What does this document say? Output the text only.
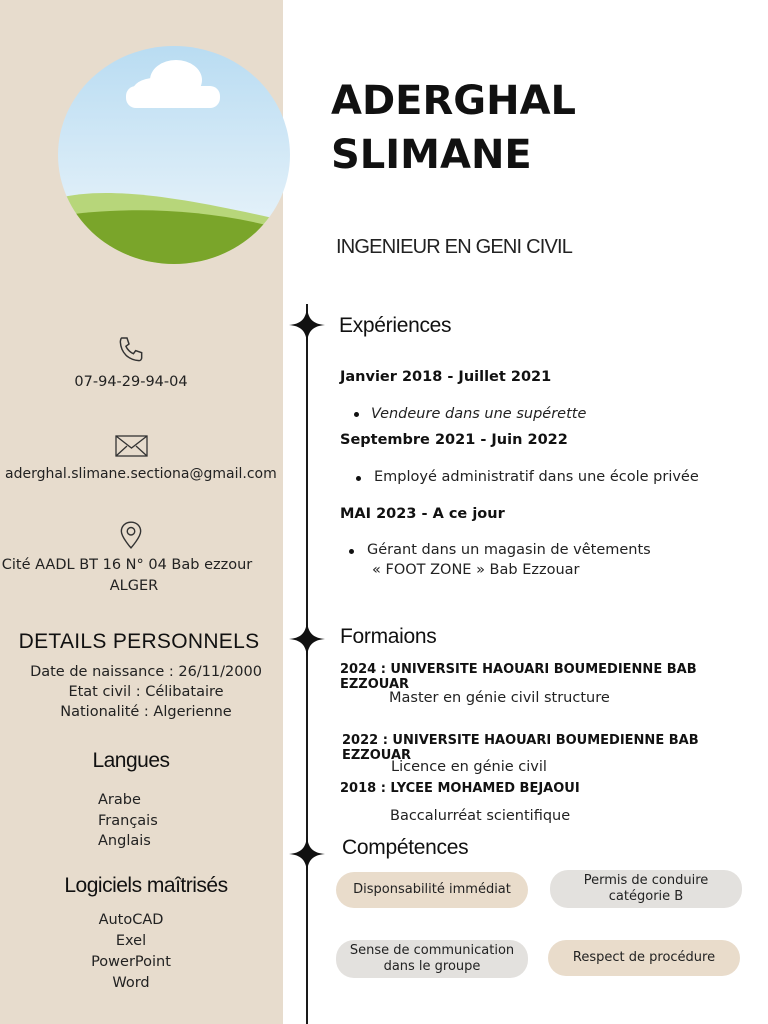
ADERGHAL
SLIMANE
INGENIEUR EN GENI CIVIL
07-94-29-94-04
aderghal.slimane.sectiona@gmail.com
Cité AADL BT 16 N° 04 Bab ezzour
ALGER
DETAILS PERSONNELS
Date de naissance : 26/11/2000
Etat civil : Célibataire
Nationalité : Algerienne
Langues
Arabe
Français
Anglais
Logiciels maîtrisés
AutoCAD
Exel
PowerPoint
Word
Expériences
Janvier 2018 - Juillet 2021
Vendeure dans une supérette
Septembre 2021 - Juin 2022
Employé administratif dans une école privée
MAI 2023 - A ce jour
Gérant dans un magasin de vêtements
« FOOT ZONE » Bab Ezzouar
Formaions
2024 : UNIVERSITE HAOUARI BOUMEDIENNE BAB EZZOUAR
Master en génie civil structure
2022 : UNIVERSITE HAOUARI BOUMEDIENNE BAB EZZOUAR
Licence en génie civil
2018 : LYCEE MOHAMED BEJAOUI
Baccalurréat scientifique
Compétences
Disponsabilité immédiat
Permis de conduire catégorie B
Sense de communication dans le groupe
Respect de procédure
